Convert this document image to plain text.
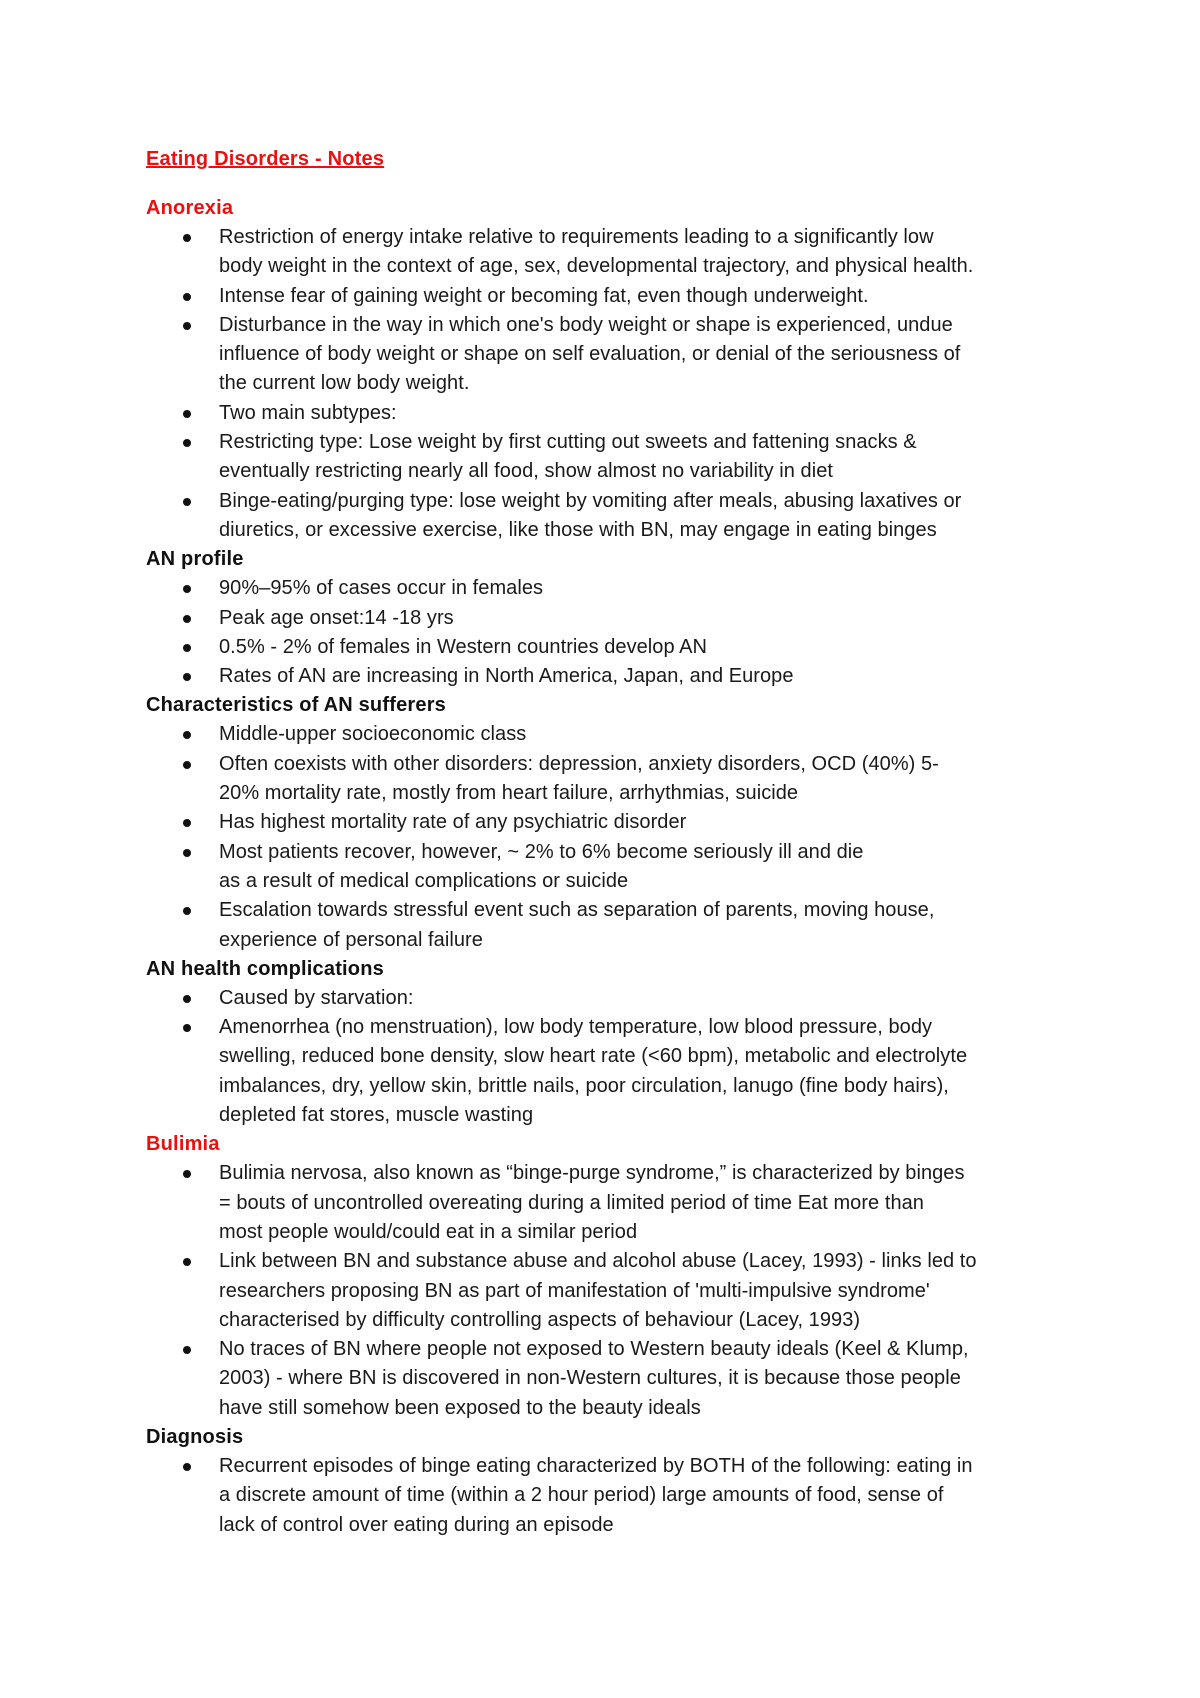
Eating Disorders - Notes
Anorexia
Restriction of energy intake relative to requirements leading to a significantly low
body weight in the context of age, sex, developmental trajectory, and physical health.
Intense fear of gaining weight or becoming fat, even though underweight.
Disturbance in the way in which one's body weight or shape is experienced, undue
influence of body weight or shape on self evaluation, or denial of the seriousness of
the current low body weight.
Two main subtypes:
Restricting type: Lose weight by first cutting out sweets and fattening snacks &
eventually restricting nearly all food, show almost no variability in diet
Binge-eating/purging type: lose weight by vomiting after meals, abusing laxatives or
diuretics, or excessive exercise, like those with BN, may engage in eating binges
AN profile
90%–95% of cases occur in females
Peak age onset:14 -18 yrs
0.5% - 2% of females in Western countries develop AN
Rates of AN are increasing in North America, Japan, and Europe
Characteristics of AN sufferers
Middle-upper socioeconomic class
Often coexists with other disorders: depression, anxiety disorders, OCD (40%) 5-
20% mortality rate, mostly from heart failure, arrhythmias, suicide
Has highest mortality rate of any psychiatric disorder
Most patients recover, however, ~ 2% to 6% become seriously ill and die
as a result of medical complications or suicide
Escalation towards stressful event such as separation of parents, moving house,
experience of personal failure
AN health complications
Caused by starvation:
Amenorrhea (no menstruation), low body temperature, low blood pressure, body
swelling, reduced bone density, slow heart rate (<60 bpm), metabolic and electrolyte
imbalances, dry, yellow skin, brittle nails, poor circulation, lanugo (fine body hairs),
depleted fat stores, muscle wasting
Bulimia
Bulimia nervosa, also known as “binge-purge syndrome,” is characterized by binges
= bouts of uncontrolled overeating during a limited period of time Eat more than
most people would/could eat in a similar period
Link between BN and substance abuse and alcohol abuse (Lacey, 1993) - links led to
researchers proposing BN as part of manifestation of 'multi-impulsive syndrome'
characterised by difficulty controlling aspects of behaviour (Lacey, 1993)
No traces of BN where people not exposed to Western beauty ideals (Keel & Klump,
2003) - where BN is discovered in non-Western cultures, it is because those people
have still somehow been exposed to the beauty ideals
Diagnosis
Recurrent episodes of binge eating characterized by BOTH of the following: eating in
a discrete amount of time (within a 2 hour period) large amounts of food, sense of
lack of control over eating during an episode
